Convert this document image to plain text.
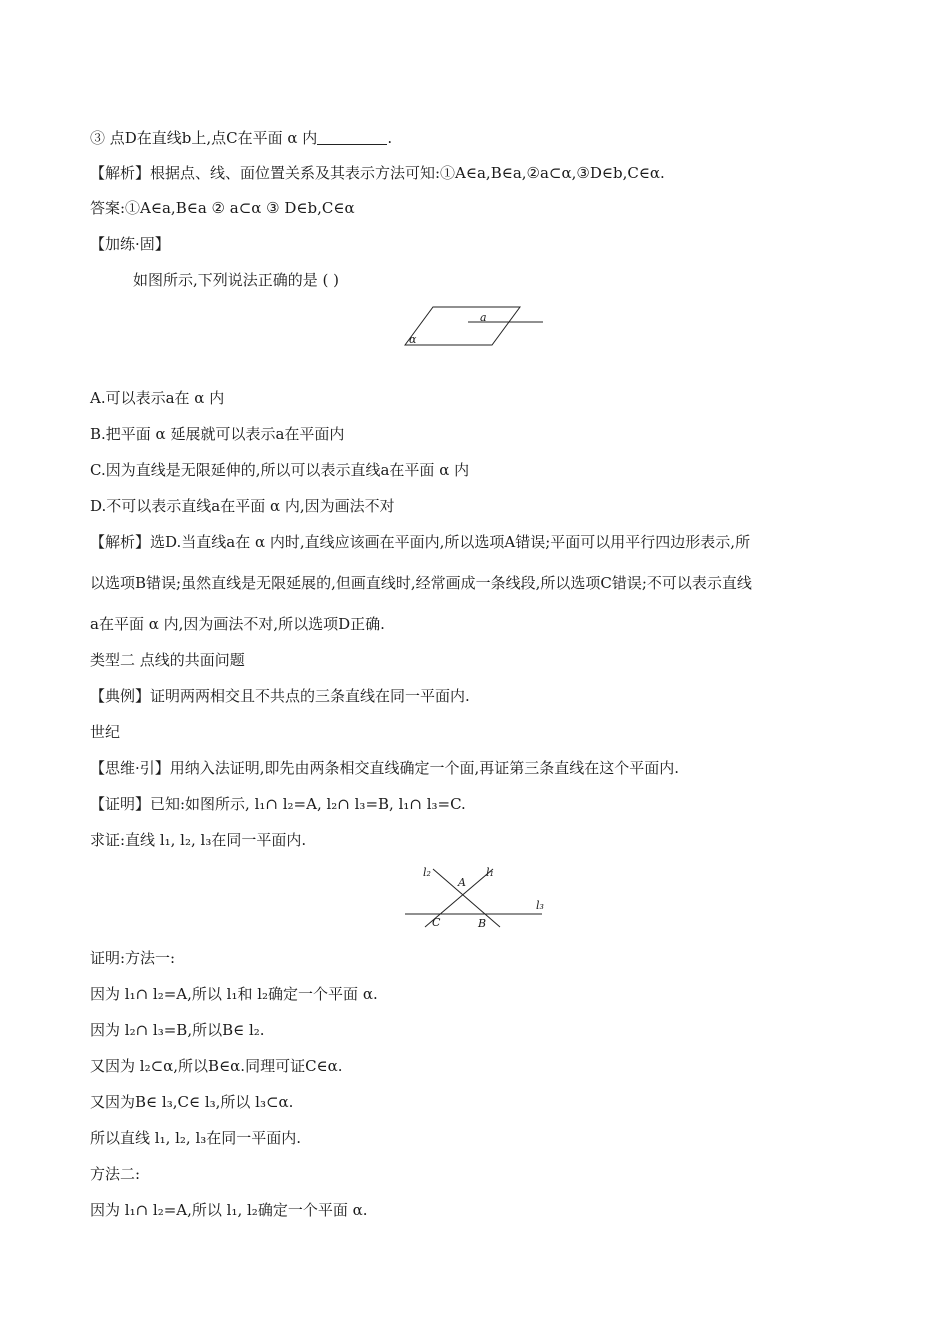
③ 点D在直线b上,点C在平面 α 内	.
【解析】根据点、线、面位置关系及其表示方法可知:①A∈a,B∈a,②a⊂α,③D∈b,C∈α.
答案:①A∈a,B∈a ② a⊂α ③ D∈b,C∈α
【加练·固】
如图所示,下列说法正确的是 ( )
a
α
A.可以表示a在 α 内
B.把平面 α 延展就可以表示a在平面内
C.因为直线是无限延伸的,所以可以表示直线a在平面 α 内
D.不可以表示直线a在平面 α 内,因为画法不对
【解析】选D.当直线a在 α 内时,直线应该画在平面内,所以选项A错误;平面可以用平行四边形表示,所
以选项B错误;虽然直线是无限延展的,但画直线时,经常画成一条线段,所以选项C错误;不可以表示直线
a在平面 α 内,因为画法不对,所以选项D正确.
类型二 点线的共面问题
【典例】证明两两相交且不共点的三条直线在同一平面内.
世纪
【思维·引】用纳入法证明,即先由两条相交直线确定一个面,再证第三条直线在这个平面内.
【证明】已知:如图所示, l₁∩ l₂=A, l₂∩ l₃=B, l₁∩ l₃=C.
求证:直线 l₁, l₂, l₃在同一平面内.
l₂	l₁
l₃
A
B
C
证明:方法一:
因为 l₁∩ l₂=A,所以 l₁和 l₂确定一个平面 α.
因为 l₂∩ l₃=B,所以B∈ l₂.
又因为 l₂⊂α,所以B∈α.同理可证C∈α.
又因为B∈ l₃,C∈ l₃,所以 l₃⊂α.
所以直线 l₁, l₂, l₃在同一平面内.
方法二:
因为 l₁∩ l₂=A,所以 l₁, l₂确定一个平面 α.
